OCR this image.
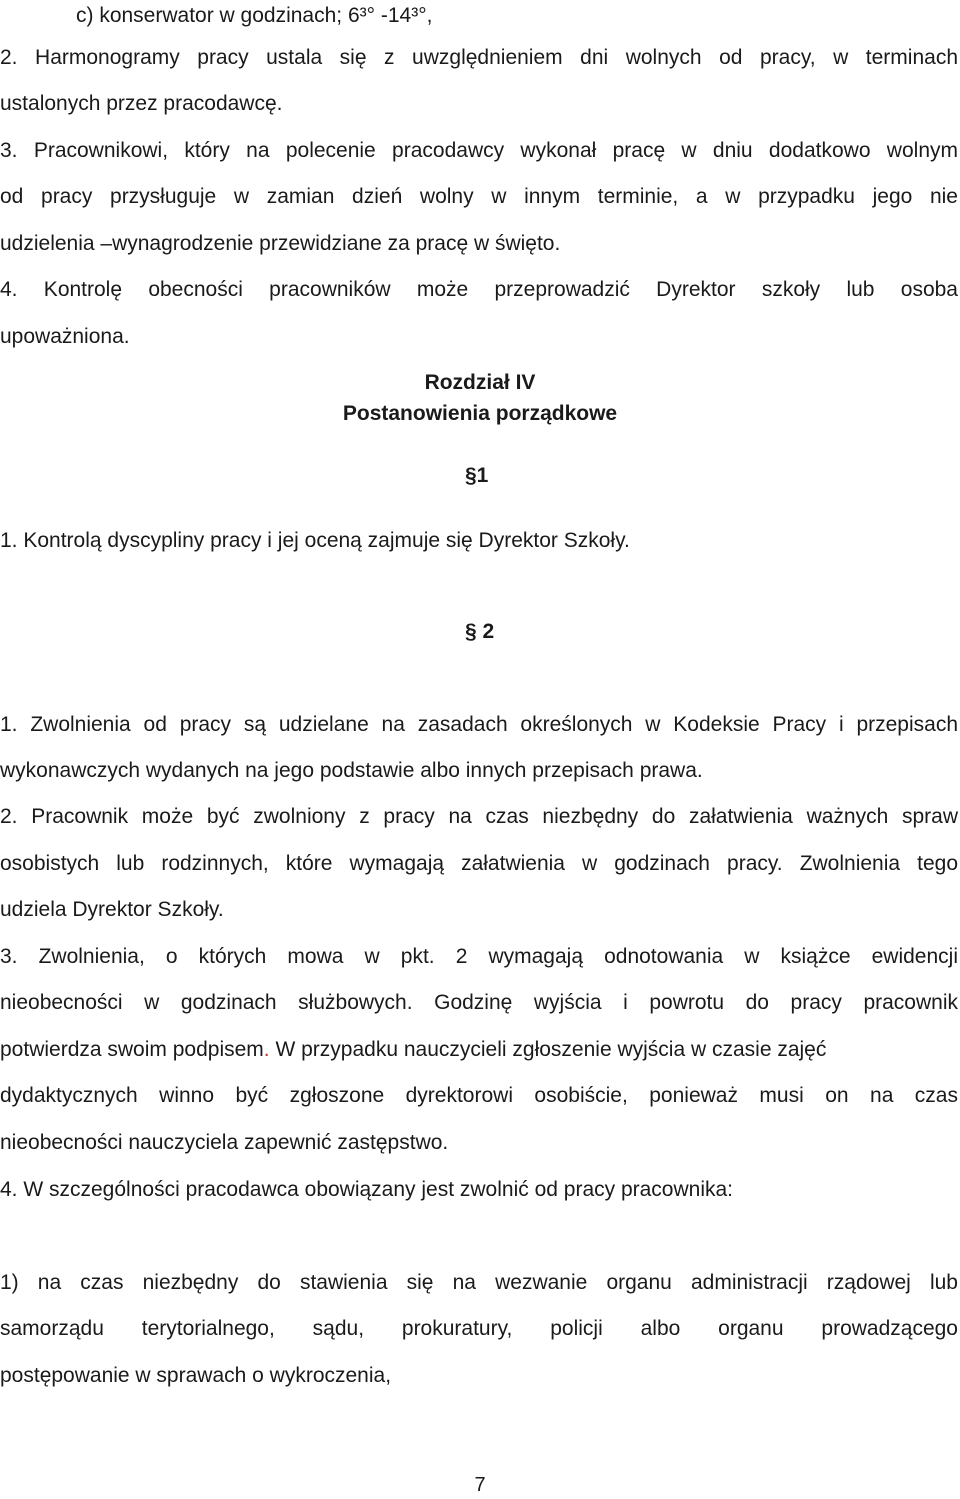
c) konserwator w godzinach; 6³° -14³°,
2. Harmonogramy pracy ustala się z uwzględnieniem dni wolnych od pracy, w terminach
ustalonych przez pracodawcę.
3. Pracownikowi, który na polecenie pracodawcy wykonał pracę w dniu dodatkowo wolnym
od pracy przysługuje w zamian dzień wolny w innym terminie, a w przypadku jego nie
udzielenia –wynagrodzenie przewidziane za pracę w święto.
4. Kontrolę obecności pracowników może przeprowadzić Dyrektor szkoły lub osoba
upoważniona.
Rozdział IV
Postanowienia porządkowe
§1
1. Kontrolą dyscypliny pracy i jej oceną zajmuje się Dyrektor Szkoły.
§ 2
1. Zwolnienia od pracy są udzielane na zasadach określonych w Kodeksie Pracy i przepisach
wykonawczych wydanych na jego podstawie albo innych przepisach prawa.
2. Pracownik może być zwolniony z pracy na czas niezbędny do załatwienia ważnych spraw
osobistych lub rodzinnych, które wymagają załatwienia w godzinach pracy. Zwolnienia tego
udziela Dyrektor Szkoły.
3. Zwolnienia, o których mowa w pkt. 2 wymagają odnotowania w książce ewidencji
nieobecności w godzinach służbowych. Godzinę wyjścia i powrotu do pracy pracownik
potwierdza swoim podpisem. W przypadku nauczycieli zgłoszenie wyjścia w czasie zajęć
dydaktycznych winno być zgłoszone dyrektorowi osobiście, ponieważ musi on na czas
nieobecności nauczyciela zapewnić zastępstwo.
4. W szczególności pracodawca obowiązany jest zwolnić od pracy pracownika:
1) na czas niezbędny do stawienia się na wezwanie organu administracji rządowej lub
samorządu terytorialnego, sądu, prokuratury, policji albo organu prowadzącego
postępowanie w sprawach o wykroczenia,
7
